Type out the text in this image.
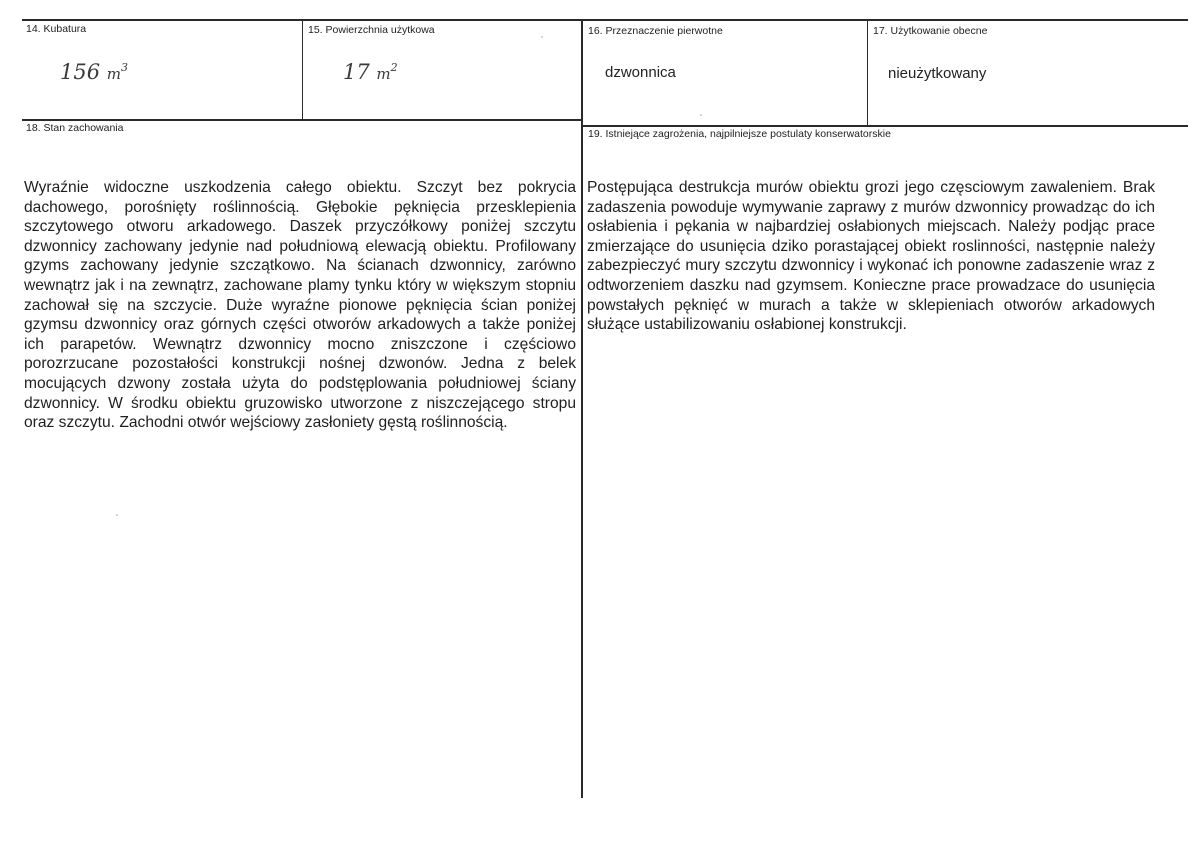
14. Kubatura
156 $m^3$
15. Powierzchnia użytkowa
17 $m^2$
16. Przeznaczenie pierwotne
dzwonnica
17. Użytkowanie obecne
nieużytkowany
18. Stan zachowania
Wyraźnie widoczne uszkodzenia całego obiektu. Szczyt bez pokrycia dachowego, porośnięty roślinnością. Głębokie pęknięcia przesklepienia szczytowego otworu arkadowego. Daszek przyczółkowy poniżej szczytu dzwonnicy zachowany jedynie nad południową elewacją obiektu. Profilowany gzyms zachowany jedynie szczątkowo. Na ścianach dzwonnicy, zarówno wewnątrz jak i na zewnątrz, zachowane plamy tynku który w większym stopniu zachował się na szczycie. Duże wyraźne pionowe pęknięcia ścian poniżej gzymsu dzwonnicy oraz górnych części otworów arkadowych a także poniżej ich parapetów. Wewnątrz dzwonnicy mocno zniszczone i częściowo porozrzucane pozostałości konstrukcji nośnej dzwonów. Jedna z belek mocujących dzwony została użyta do podstęplowania południowej ściany dzwonnicy. W środku obiektu gruzowisko utworzone z niszczejącego stropu oraz szczytu. Zachodni otwór wejściowy zasłoniety gęstą roślinnością.
19. Istniejące zagrożenia, najpilniejsze postulaty konserwatorskie
Postępująca destrukcja murów obiektu grozi jego częsciowym zawaleniem. Brak zadaszenia powoduje wymywanie zaprawy z murów dzwonnicy prowadząc do ich osłabienia i pękania w najbardziej osłabionych miejscach. Należy podjąc prace zmierzające do usunięcia dziko porastającej obiekt roslinności, następnie należy zabezpieczyć mury szczytu dzwonnicy i wykonać ich ponowne zadaszenie wraz z odtworzeniem daszku nad gzymsem. Konieczne prace prowadzace do usunięcia powstałych pęknięć w murach a także w sklepieniach otworów arkadowych służące ustabilizowaniu osłabionej konstrukcji.
